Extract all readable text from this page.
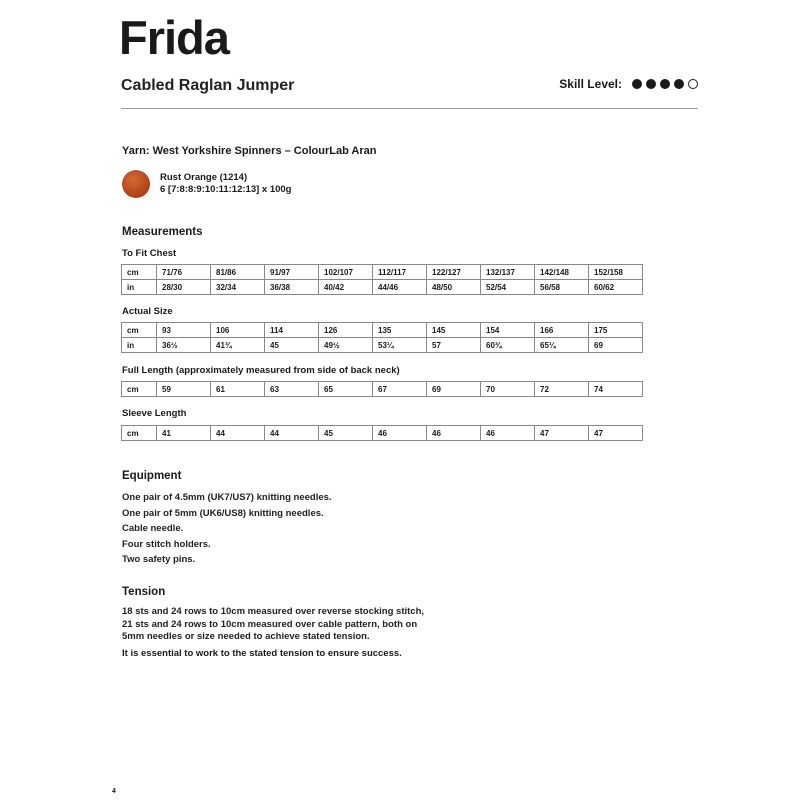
Frida
Cabled Raglan Jumper	Skill Level:
Yarn: West Yorkshire Spinners – ColourLab Aran
Rust Orange (1214)
6 [7:8:8:9:10:11:12:13] x 100g
Measurements
To Fit Chest
cm	71/76	81/86	91/97	102/107	112/117	122/127	132/137	142/148	152/158
in	28/30	32/34	36/38	40/42	44/46	48/50	52/54	56/58	60/62
Actual Size
cm	93	106	114	126	135	145	154	166	175
in	36½	41¾	45	49½	53¼	57	60¾	65¼	69
Full Length (approximately measured from side of back neck)
cm	59	61	63	65	67	69	70	72	74
Sleeve Length
cm	41	44	44	45	46	46	46	47	47
Equipment
One pair of 4.5mm (UK7/US7) knitting needles.
One pair of 5mm (UK6/US8) knitting needles.
Cable needle.
Four stitch holders.
Two safety pins.
Tension
18 sts and 24 rows to 10cm measured over reverse stocking stitch,
21 sts and 24 rows to 10cm measured over cable pattern, both on
5mm needles or size needed to achieve stated tension.
It is essential to work to the stated tension to ensure success.
4
